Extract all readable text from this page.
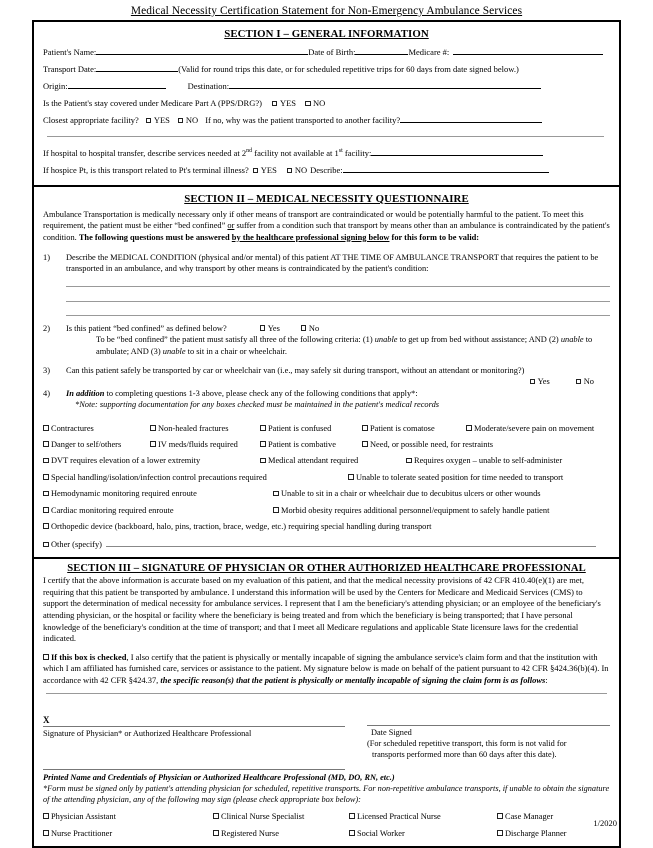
Medical Necessity Certification Statement for Non-Emergency Ambulance Services
SECTION I – GENERAL INFORMATION
Patient's Name:	Date of Birth:	Medicare #:
Transport Date:	(Valid for round trips this date, or for scheduled repetitive trips for 60 days from date signed below.)
Origin:	Destination:
Is the Patient's stay covered under Medicare Part A (PPS/DRG?) YES NO
Closest appropriate facility? YES NO If no, why was the patient transported to another facility?
If hospital to hospital transfer, describe services needed at 2nd facility not available at 1st facility:
If hospice Pt, is this transport related to Pt's terminal illness? YES NO Describe:
SECTION II – MEDICAL NECESSITY QUESTIONNAIRE
Ambulance Transportation is medically necessary only if other means of transport are contraindicated or would be potentially harmful to the patient. To meet this requirement, the patient must be either “bed confined” or suffer from a condition such that transport by means other than an ambulance is contraindicated by the patient's condition. The following questions must be answered by the healthcare professional signing below for this form to be valid:
1)	Describe the MEDICAL CONDITION (physical and/or mental) of this patient AT THE TIME OF AMBULANCE TRANSPORT that requires the patient to be transported in an ambulance, and why transport by other means is contraindicated by the patient's condition:
2)	Is this patient “bed confined” as defined below?	Yes	No
To be “bed confined” the patient must satisfy all three of the following criteria: (1) unable to get up from bed without assistance; AND (2) unable to ambulate; AND (3) unable to sit in a chair or wheelchair.
3)	Can this patient safely be transported by car or wheelchair van (i.e., may safely sit during transport, without an attendant or monitoring?)
Yes	No
4)	In addition to completing questions 1-3 above, please check any of the following conditions that apply*:
*Note: supporting documentation for any boxes checked must be maintained in the patient's medical records
Contractures	Non-healed fractures	Patient is confused	Patient is comatose	Moderate/severe pain on movement
Danger to self/others	IV meds/fluids required	Patient is combative	Need, or possible need, for restraints
DVT requires elevation of a lower extremity	Medical attendant required	Requires oxygen – unable to self-administer
Special handling/isolation/infection control precautions required	Unable to tolerate seated position for time needed to transport
Hemodynamic monitoring required enroute	Unable to sit in a chair or wheelchair due to decubitus ulcers or other wounds
Cardiac monitoring required enroute	Morbid obesity requires additional personnel/equipment to safely handle patient
Orthopedic device (backboard, halo, pins, traction, brace, wedge, etc.) requiring special handling during transport
Other (specify)
SECTION III – SIGNATURE OF PHYSICIAN OR OTHER AUTHORIZED HEALTHCARE PROFESSIONAL
I certify that the above information is accurate based on my evaluation of this patient, and that the medical necessity provisions of 42 CFR 410.40(e)(1) are met, requiring that this patient be transported by ambulance. I understand this information will be used by the Centers for Medicare and Medicaid Services (CMS) to support the determination of medical necessity for ambulance services. I represent that I am the beneficiary's attending physician; or an employee of the beneficiary's attending physician, or the hospital or facility where the beneficiary is being treated and from which the beneficiary is being transported; that I have personal knowledge of the beneficiary's condition at the time of transport; and that I meet all Medicare regulations and applicable State licensure laws for the credential indicated.
If this box is checked, I also certify that the patient is physically or mentally incapable of signing the ambulance service's claim form and that the institution with which I am affiliated has furnished care, services or assistance to the patient. My signature below is made on behalf of the patient pursuant to 42 CFR §424.36(b)(4). In accordance with 42 CFR §424.37, the specific reason(s) that the patient is physically or mentally incapable of signing the claim form is as follows:
X
Signature of Physician* or Authorized Healthcare Professional	Date Signed
(For scheduled repetitive transport, this form is not valid for
transports performed more than 60 days after this date).
Printed Name and Credentials of Physician or Authorized Healthcare Professional (MD, DO, RN, etc.)
*Form must be signed only by patient's attending physician for scheduled, repetitive transports. For non-repetitive ambulance transports, if unable to obtain the signature of the attending physician, any of the following may sign (please check appropriate box below):
Physician Assistant	Clinical Nurse Specialist	Licensed Practical Nurse	Case Manager
Nurse Practitioner	Registered Nurse	Social Worker	Discharge Planner
1/2020
